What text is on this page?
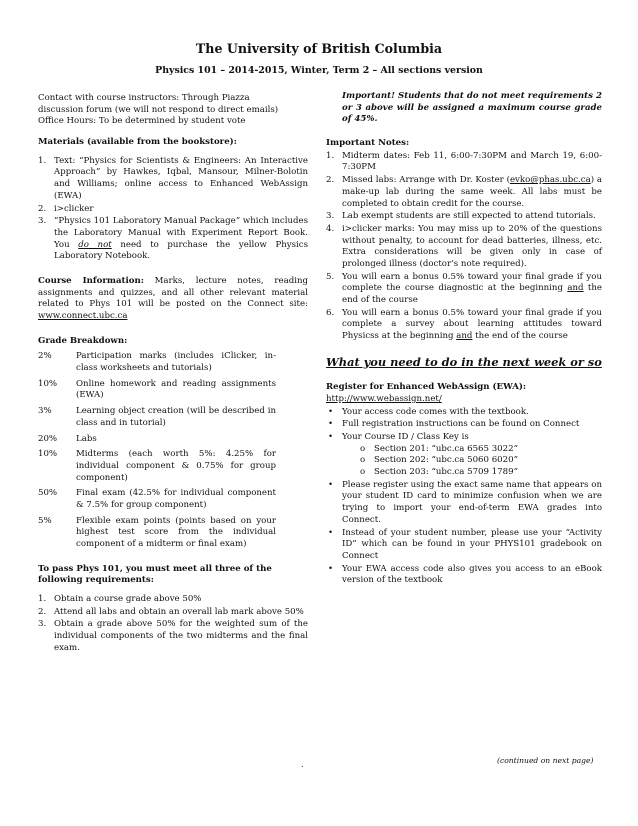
The University of British Columbia
Physics 101 – 2014-2015, Winter, Term 2 – All sections version
Contact with course instructors: Through Piazza
discussion forum (we will not respond to direct emails)
Office Hours: To be determined by student vote
Materials (available from the bookstore):
1. Text: “Physics for Scientists & Engineers: An Interactive Approach” by Hawkes, Iqbal, Mansour, Milner-Bolotin and Williams; online access to Enhanced WebAssign (EWA)
2. i>clicker
3. “Physics 101 Laboratory Manual Package” which includes the Laboratory Manual with Experiment Report Book. You do not need to purchase the yellow Physics Laboratory Notebook.
Course Information: Marks, lecture notes, reading assignments and quizzes, and all other relevant material related to Phys 101 will be posted on the Connect site: www.connect.ubc.ca
Grade Breakdown:
2%	Participation marks (includes iClicker, in-class worksheets and tutorials)
10%	Online homework and reading assignments (EWA)
3%	Learning object creation (will be described in class and in tutorial)
20%	Labs
10%	Midterms (each worth 5%: 4.25% for individual component & 0.75% for group component)
50%	Final exam (42.5% for individual component & 7.5% for group component)
5%	Flexible exam points (points based on your highest test score from the individual component of a midterm or final exam)
To pass Phys 101, you must meet all three of the following requirements:
1. Obtain a course grade above 50%
2. Attend all labs and obtain an overall lab mark above 50%
3. Obtain a grade above 50% for the weighted sum of the individual components of the two midterms and the final exam.
Important! Students that do not meet requirements 2 or 3 above will be assigned a maximum course grade of 45%.
Important Notes:
1. Midterm dates: Feb 11, 6:00-7:30PM and March 19, 6:00-7:30PM
2. Missed labs: Arrange with Dr. Koster (evko@phas.ubc.ca) a make-up lab during the same week. All labs must be completed to obtain credit for the course.
3. Lab exempt students are still expected to attend tutorials.
4. i>clicker marks: You may miss up to 20% of the questions without penalty, to account for dead batteries, illness, etc. Extra considerations will be given only in case of prolonged illness (doctor’s note required).
5. You will earn a bonus 0.5% toward your final grade if you complete the course diagnostic at the beginning and the end of the course
6. You will earn a bonus 0.5% toward your final grade if you complete a survey about learning attitudes toward Physicss at the beginning and the end of the course
What you need to do in the next week or so
Register for Enhanced WebAssign (EWA):
http://www.webassign.net/
•	Your access code comes with the textbook.
•	Full registration instructions can be found on Connect
•	Your Course ID / Class Key is
o	Section 201: “ubc.ca 6565 3022”
o	Section 202: “ubc.ca 5060 6020”
o	Section 203: “ubc.ca 5709 1789”
•	Please register using the exact same name that appears on your student ID card to minimize confusion when we are trying to import your end-of-term EWA grades into Connect.
•	Instead of your student number, please use your “Activity ID” which can be found in your PHYS101 gradebook on Connect
•	Your EWA access code also gives you access to an eBook version of the textbook
.	(continued on next page)
